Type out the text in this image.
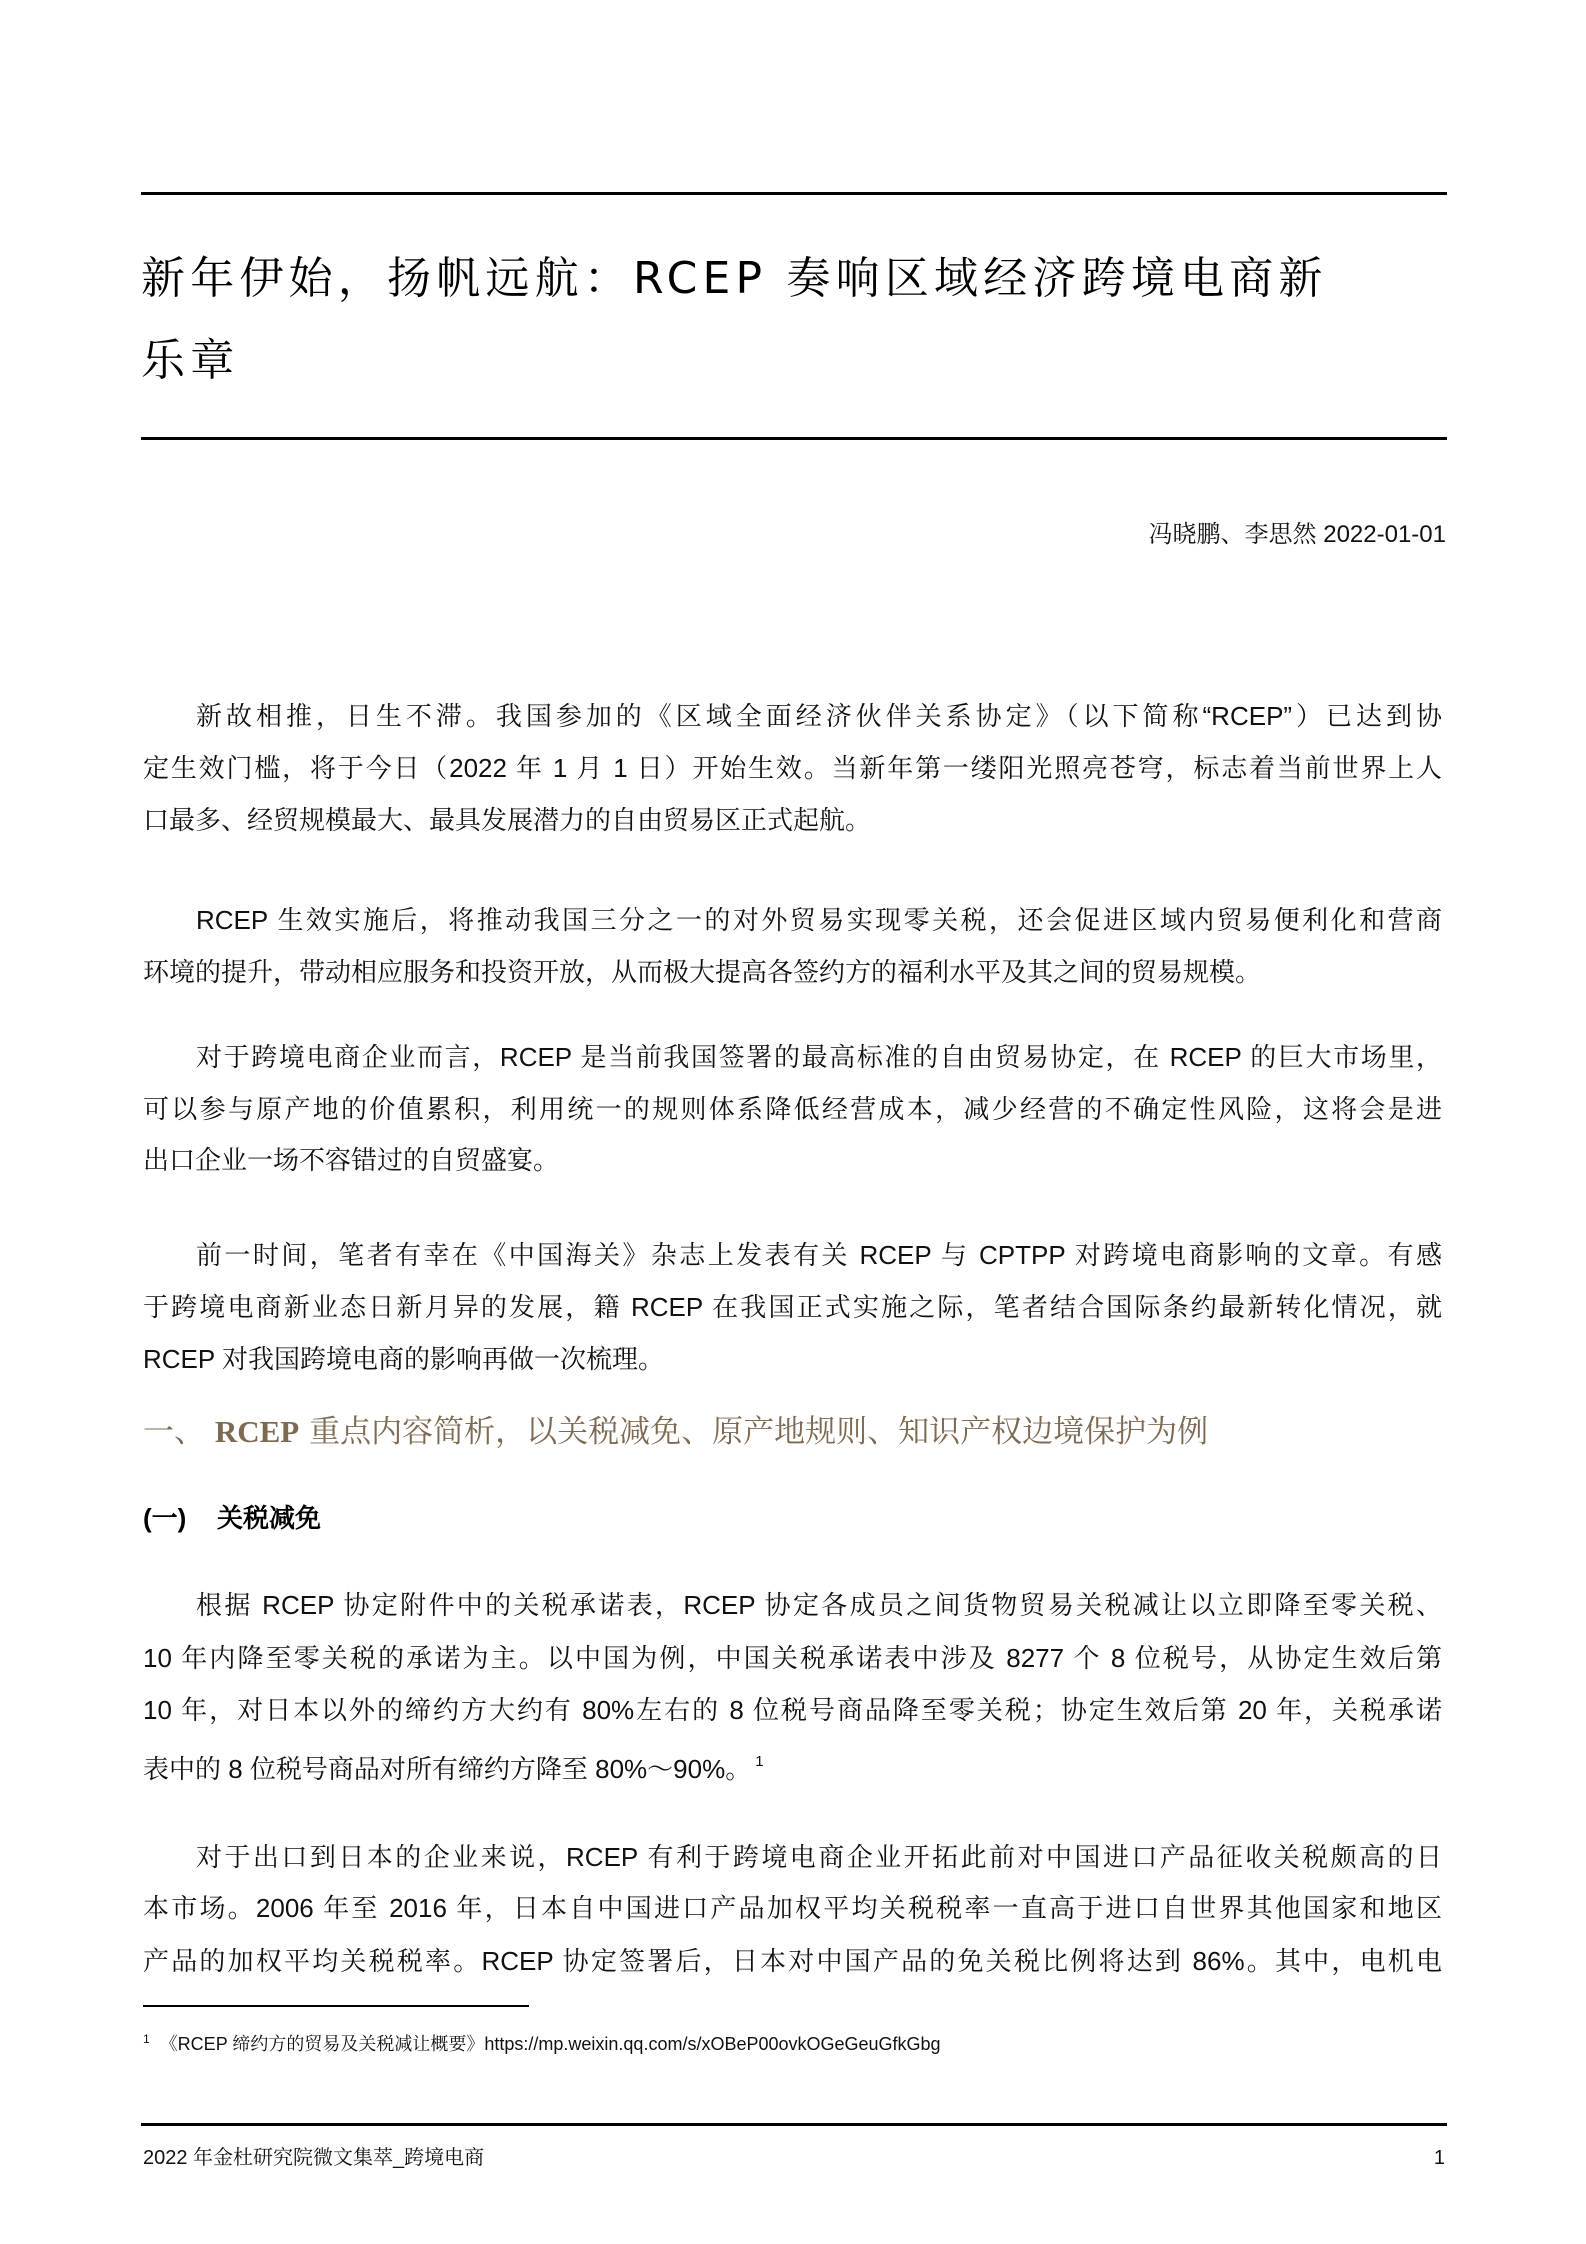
新年伊始，扬帆远航：RCEP 奏响区域经济跨境电商新
乐章
冯晓鹏、李思然 2022-01-01
新故相推，日生不滞。我国参加的《区域全面经济伙伴关系协定》（以下简称“RCEP”）已达到协
定生效门槛，将于今日（2022 年 1 月 1 日）开始生效。当新年第一缕阳光照亮苍穹，标志着当前世界上人
口最多、经贸规模最大、最具发展潜力的自由贸易区正式起航。
RCEP 生效实施后，将推动我国三分之一的对外贸易实现零关税，还会促进区域内贸易便利化和营商
环境的提升，带动相应服务和投资开放，从而极大提高各签约方的福利水平及其之间的贸易规模。
对于跨境电商企业而言，RCEP 是当前我国签署的最高标准的自由贸易协定，在 RCEP 的巨大市场里，
可以参与原产地的价值累积，利用统一的规则体系降低经营成本，减少经营的不确定性风险，这将会是进
出口企业一场不容错过的自贸盛宴。
前一时间，笔者有幸在《中国海关》杂志上发表有关 RCEP 与 CPTPP 对跨境电商影响的文章。有感
于跨境电商新业态日新月异的发展，籍 RCEP 在我国正式实施之际，笔者结合国际条约最新转化情况，就
RCEP 对我国跨境电商的影响再做一次梳理。
一、 RCEP 重点内容简析，以关税减免、原产地规则、知识产权边境保护为例
(一) 关税减免
根据 RCEP 协定附件中的关税承诺表，RCEP 协定各成员之间货物贸易关税减让以立即降至零关税、
10 年内降至零关税的承诺为主。以中国为例，中国关税承诺表中涉及 8277 个 8 位税号，从协定生效后第
10 年，对日本以外的缔约方大约有 80%左右的 8 位税号商品降至零关税；协定生效后第 20 年，关税承诺
表中的 8 位税号商品对所有缔约方降至 80%～90%。 $^1$
对于出口到日本的企业来说，RCEP 有利于跨境电商企业开拓此前对中国进口产品征收关税颇高的日
本市场。2006 年至 2016 年，日本自中国进口产品加权平均关税税率一直高于进口自世界其他国家和地区
产品的加权平均关税税率。RCEP 协定签署后，日本对中国产品的免关税比例将达到 86%。其中，电机电
$^1$ 《RCEP 缔约方的贸易及关税减让概要》https://mp.weixin.qq.com/s/xOBeP00ovkOGeGeuGfkGbg
2022 年金杜研究院微文集萃_跨境电商	1
